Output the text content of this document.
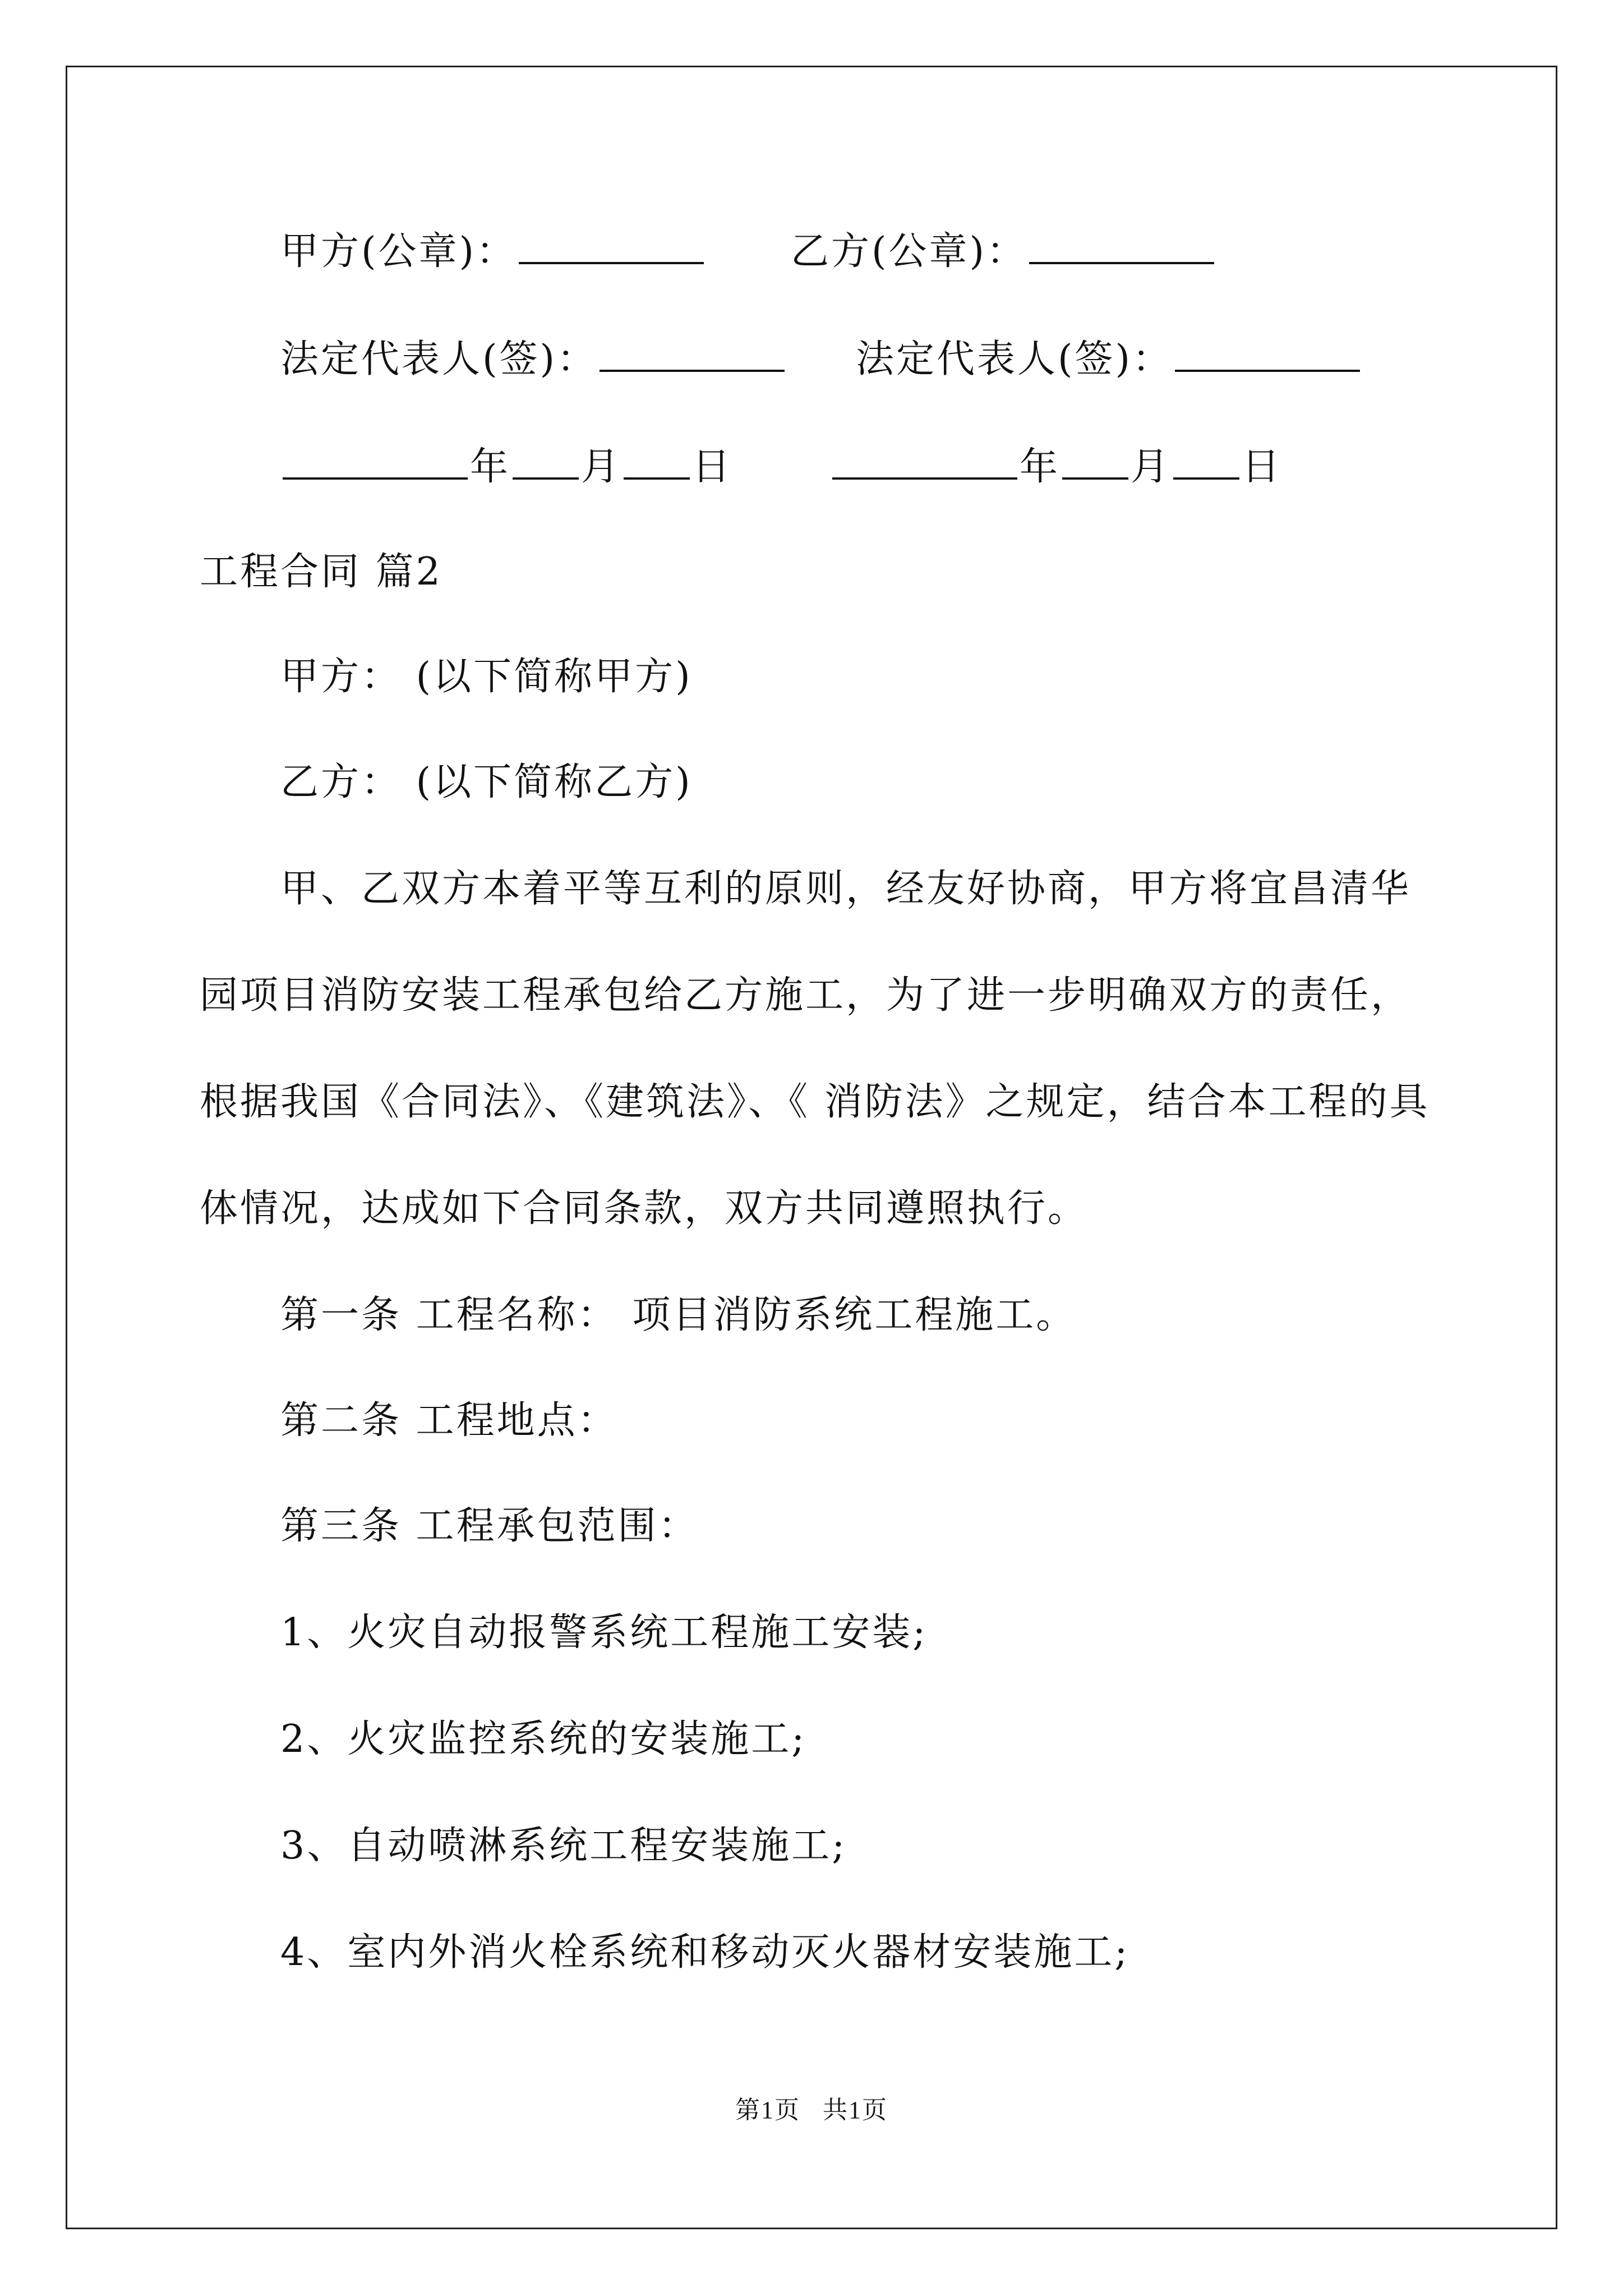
甲方(公章)：	乙方(公章)：
法定代表人(签)：	法定代表人(签)：
年 月 日	年 月 日
工程合同 篇2
甲方： (以下简称甲方)
乙方： (以下简称乙方)
甲、乙双方本着平等互利的原则，经友好协商，甲方将宜昌清华
园项目消防安装工程承包给乙方施工，为了进一步明确双方的责任，
根据我国《合同法》、《建筑法》、《 消防法》之规定，结合本工程的具
体情况，达成如下合同条款，双方共同遵照执行。
第一条 工程名称： 项目消防系统工程施工。
第二条 工程地点：
第三条 工程承包范围：
1、火灾自动报警系统工程施工安装;
2、火灾监控系统的安装施工;
3、自动喷淋系统工程安装施工;
4、室内外消火栓系统和移动灭火器材安装施工;
第1页 共1页
